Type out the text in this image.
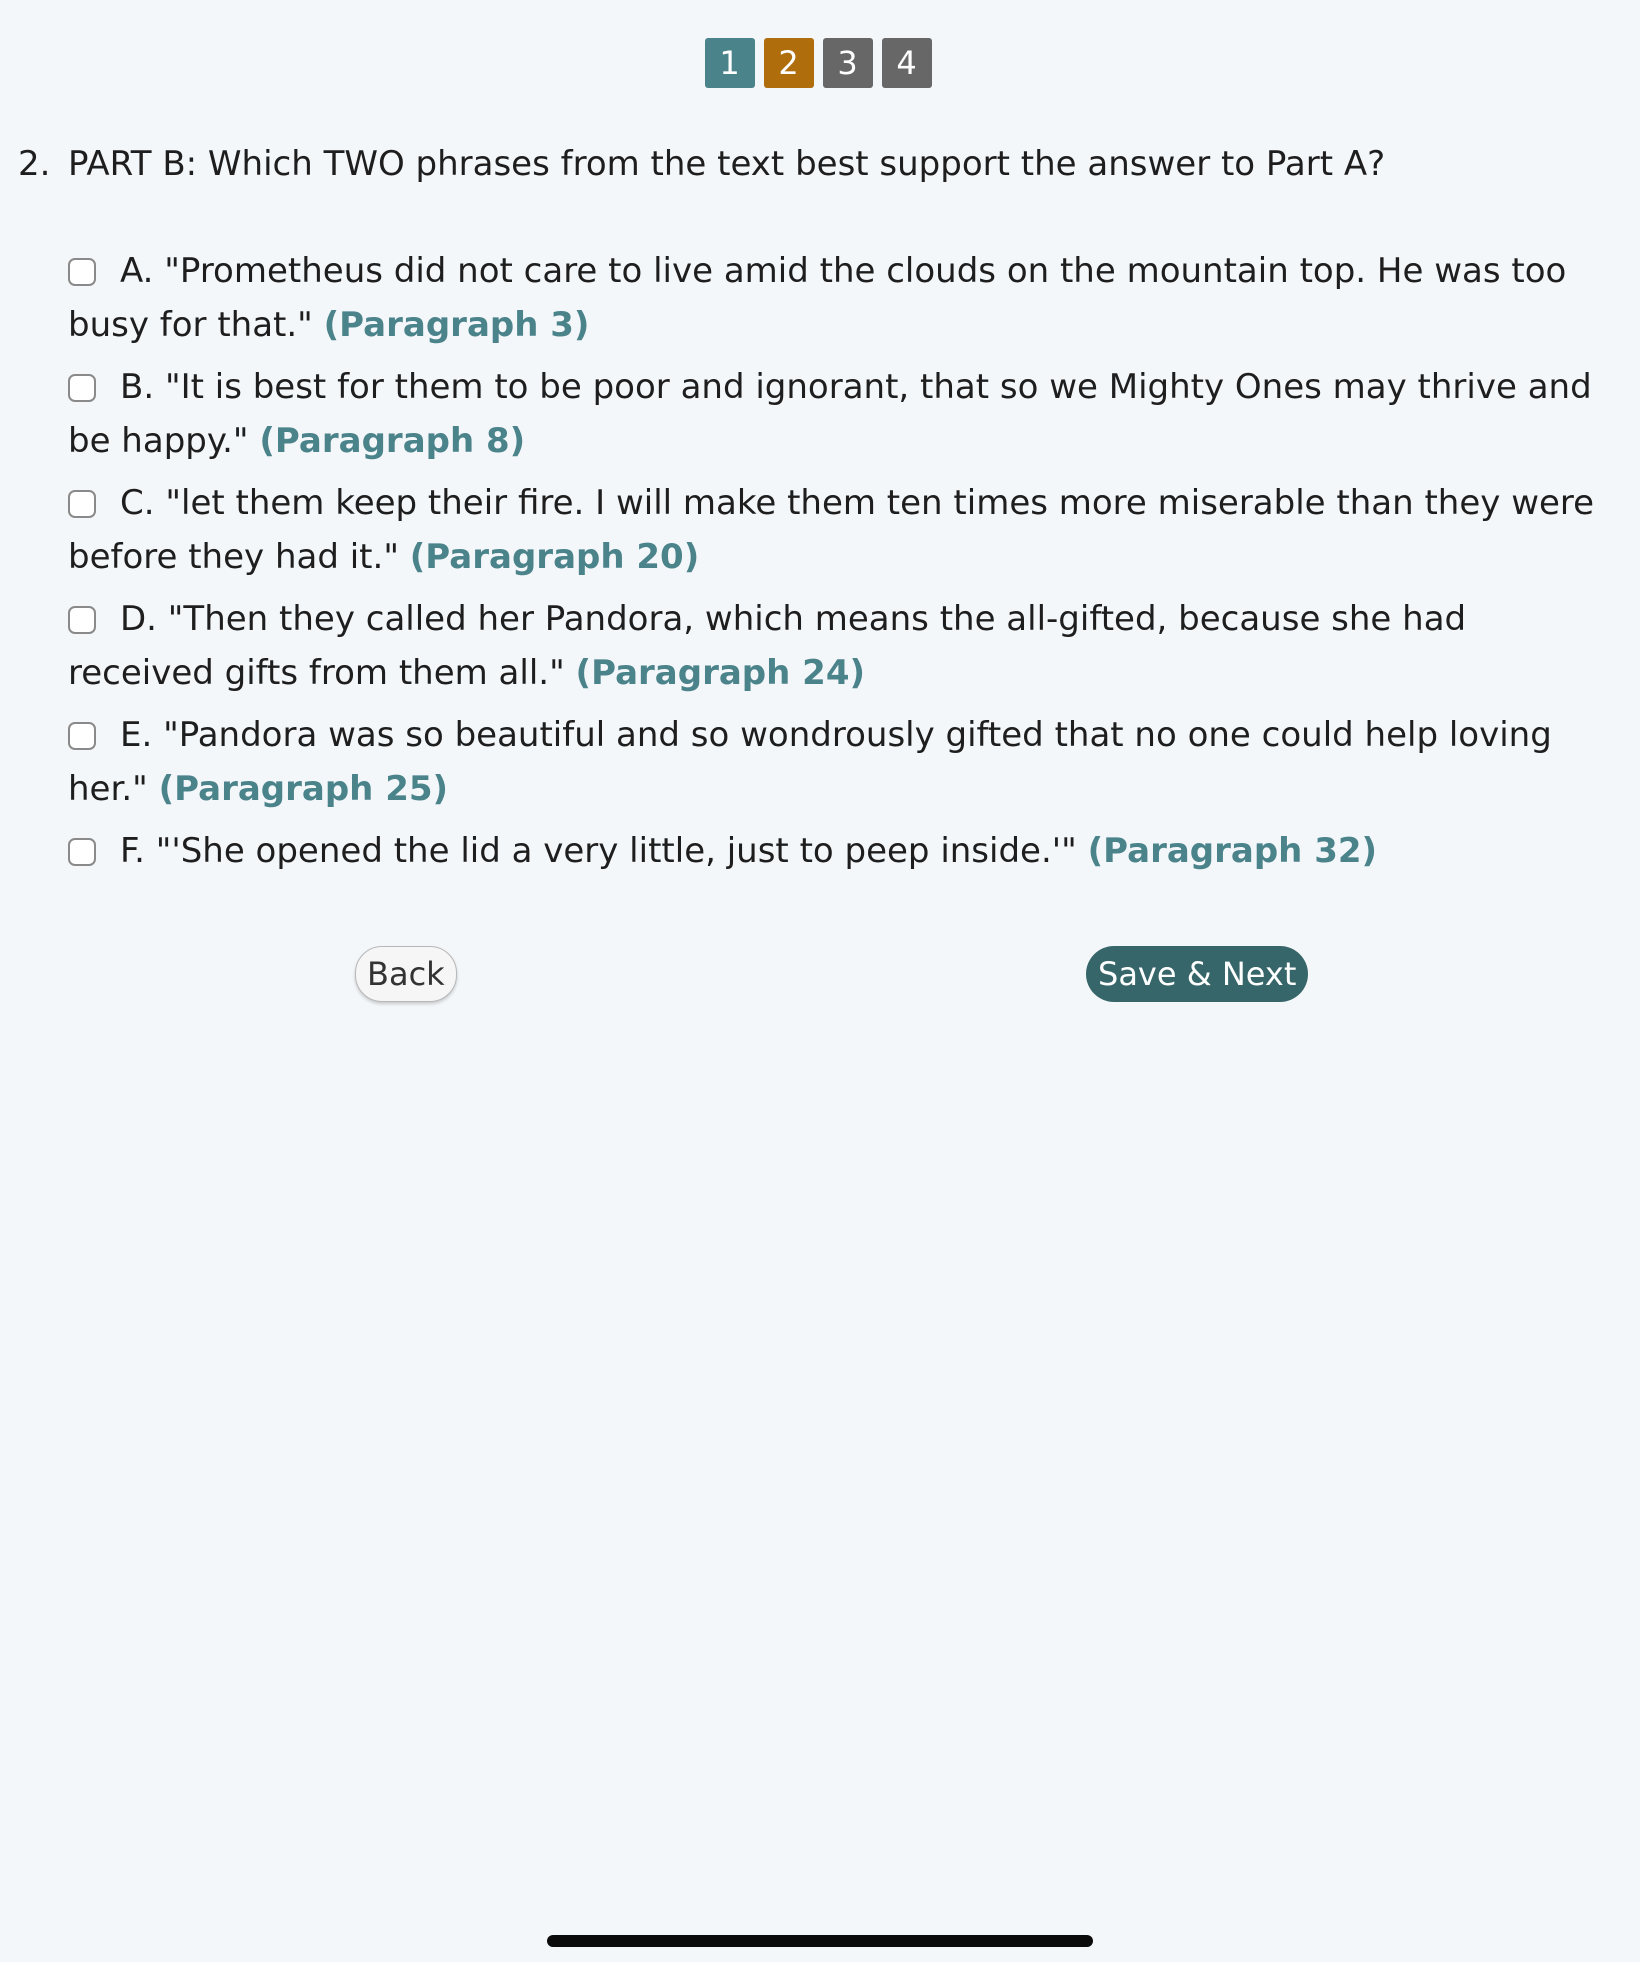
1	2	3	4
2. PART B: Which TWO phrases from the text best support the answer to Part A?
A. "Prometheus did not care to live amid the clouds on the mountain top. He was too busy for that." (Paragraph 3)
B. "It is best for them to be poor and ignorant, that so we Mighty Ones may thrive and be happy." (Paragraph 8)
C. "let them keep their fire. I will make them ten times more miserable than they were before they had it." (Paragraph 20)
D. "Then they called her Pandora, which means the all-gifted, because she had received gifts from them all." (Paragraph 24)
E. "Pandora was so beautiful and so wondrously gifted that no one could help loving her." (Paragraph 25)
F. "'She opened the lid a very little, just to peep inside.'" (Paragraph 32)
Back	Save & Next
